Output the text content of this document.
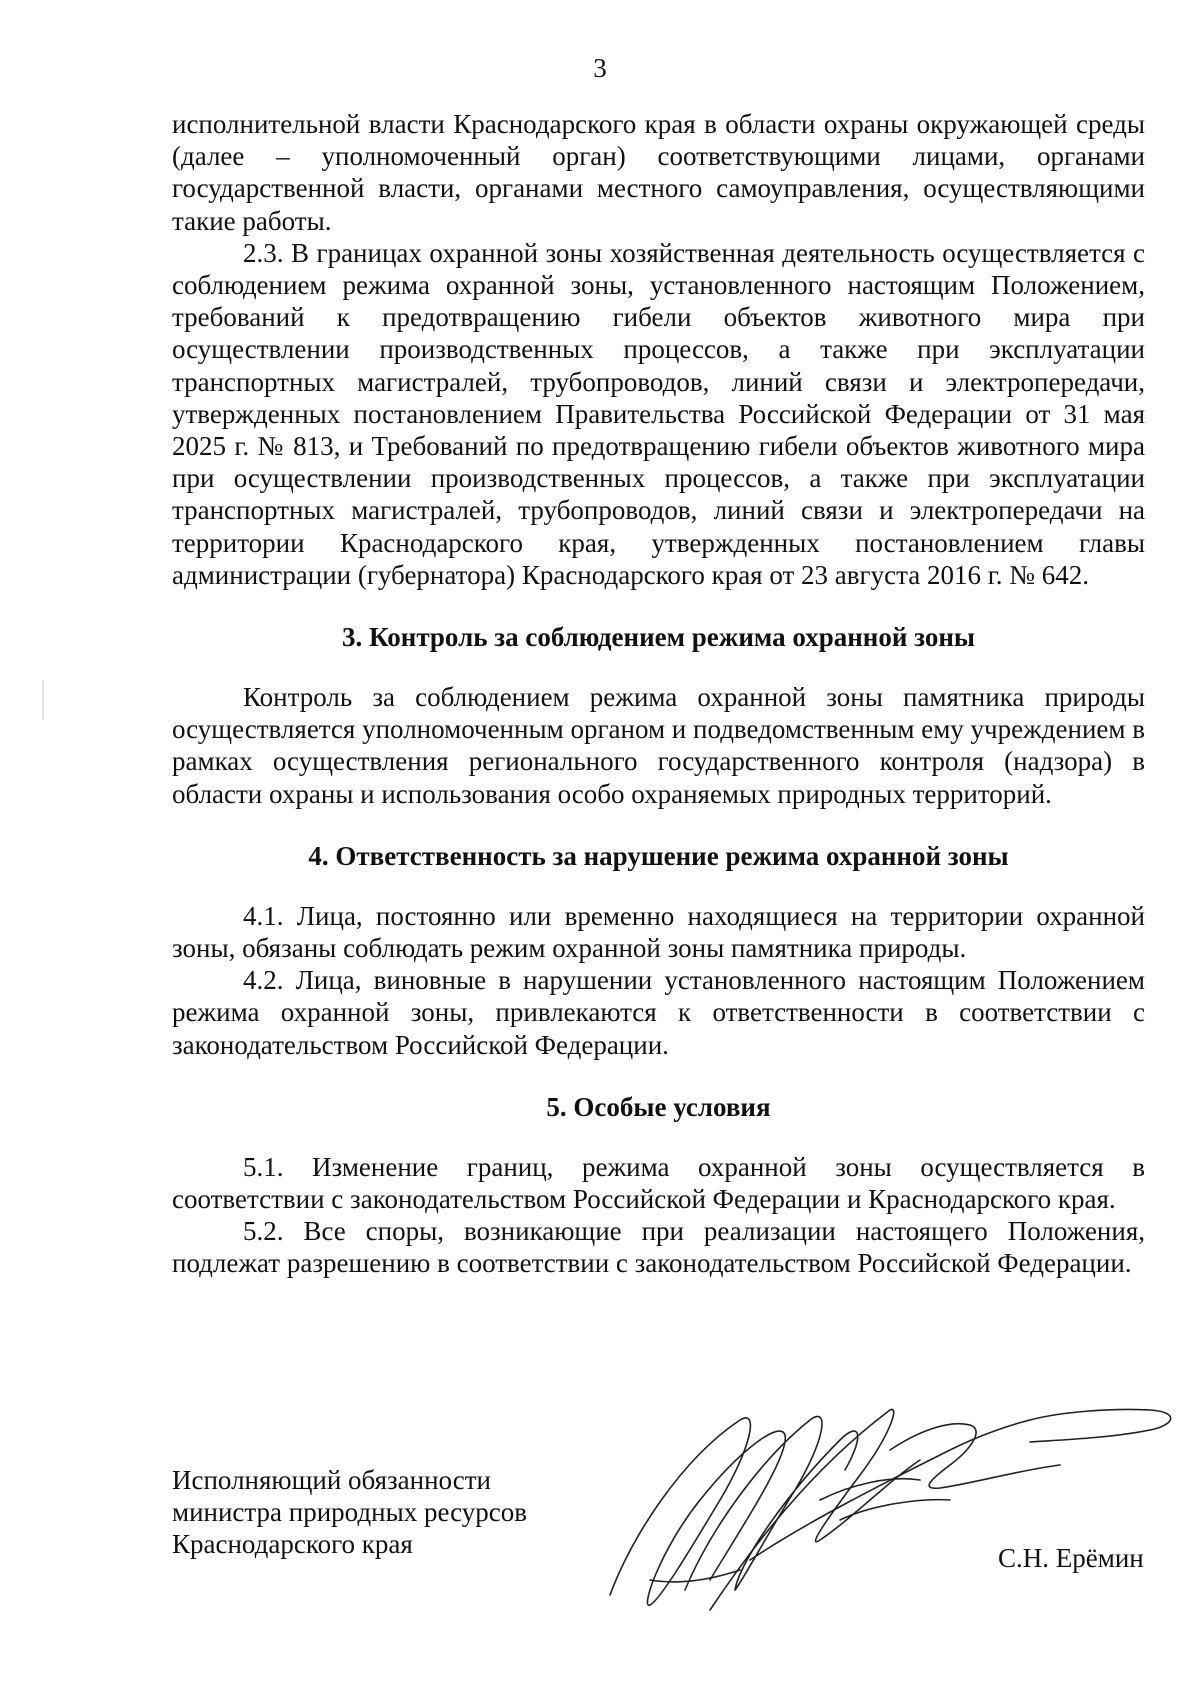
3

исполнительной власти Краснодарского края в области охраны окружающей среды (далее – уполномоченный орган) соответствующими лицами, органами государственной власти, органами местного самоуправления, осуществляющими такие работы.

2.3. В границах охранной зоны хозяйственная деятельность осуществляется с соблюдением режима охранной зоны, установленного настоящим Положением, требований к предотвращению гибели объектов животного мира при осуществлении производственных процессов, а также при эксплуатации транспортных магистралей, трубопроводов, линий связи и электропередачи, утвержденных постановлением Правительства Российской Федерации от 31 мая 2025 г. № 813, и Требований по предотвращению гибели объектов животного мира при осуществлении производственных процессов, а также при эксплуатации транспортных магистралей, трубопроводов, линий связи и электропередачи на территории Краснодарского края, утвержденных постановлением главы администрации (губернатора) Краснодарского края от 23 августа 2016 г. № 642.

3. Контроль за соблюдением режима охранной зоны

Контроль за соблюдением режима охранной зоны памятника природы осуществляется уполномоченным органом и подведомственным ему учреждением в рамках осуществления регионального государственного контроля (надзора) в области охраны и использования особо охраняемых природных территорий.

4. Ответственность за нарушение режима охранной зоны

4.1. Лица, постоянно или временно находящиеся на территории охранной зоны, обязаны соблюдать режим охранной зоны памятника природы.

4.2. Лица, виновные в нарушении установленного настоящим Положением режима охранной зоны, привлекаются к ответственности в соответствии с законодательством Российской Федерации.

5. Особые условия

5.1. Изменение границ, режима охранной зоны осуществляется в соответствии с законодательством Российской Федерации и Краснодарского края.

5.2. Все споры, возникающие при реализации настоящего Положения, подлежат разрешению в соответствии с законодательством Российской Федерации.

Исполняющий обязанности
министра природных ресурсов
Краснодарского края	С.Н. Ерёмин
